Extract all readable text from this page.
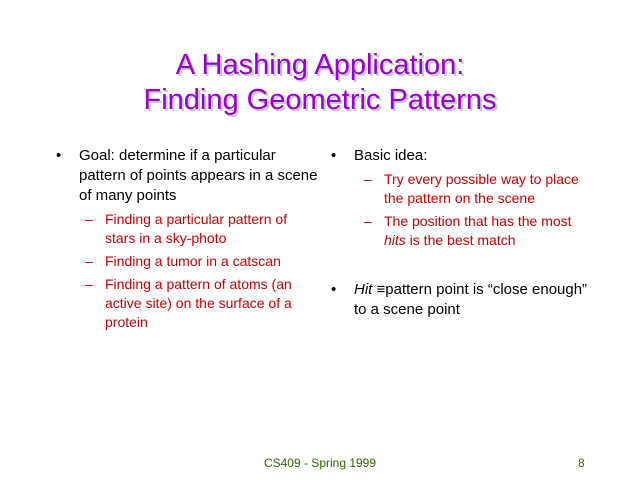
A Hashing Application:
Finding Geometric Patterns
• Goal: determine if a particular pattern of points appears in a scene of many points
– Finding a particular pattern of stars in a sky-photo
– Finding a tumor in a catscan
– Finding a pattern of atoms (an active site) on the surface of a protein
• Basic idea:
– Try every possible way to place the pattern on the scene
– The position that has the most hits is the best match
• Hit ≡pattern point is “close enough” to a scene point
CS409 - Spring 1999	8
